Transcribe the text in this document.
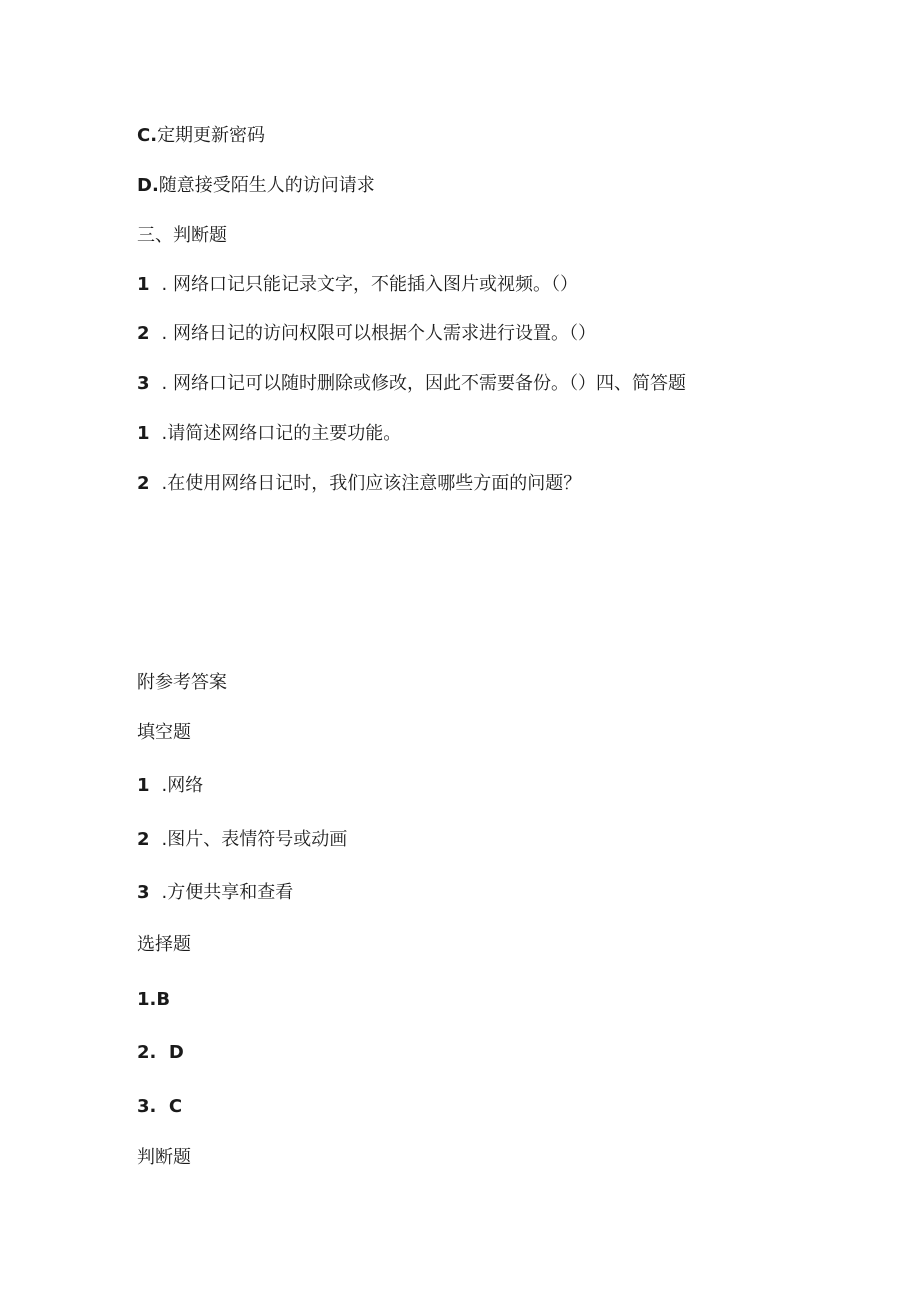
C.定期更新密码

D.随意接受陌生人的访问请求

三、判断题

1 . 网络口记只能记录文字，不能插入图片或视频。（）

2 . 网络日记的访问权限可以根据个人需求进行设置。（）

3 . 网络口记可以随时删除或修改，因此不需要备份。（）四、简答题

1 .请简述网络口记的主要功能。

2 .在使用网络日记时，我们应该注意哪些方面的问题？

附参考答案

填空题

1 .网络

2 .图片、表情符号或动画

3 .方便共享和查看

选择题

1.B

2. D

3. C

判断题
